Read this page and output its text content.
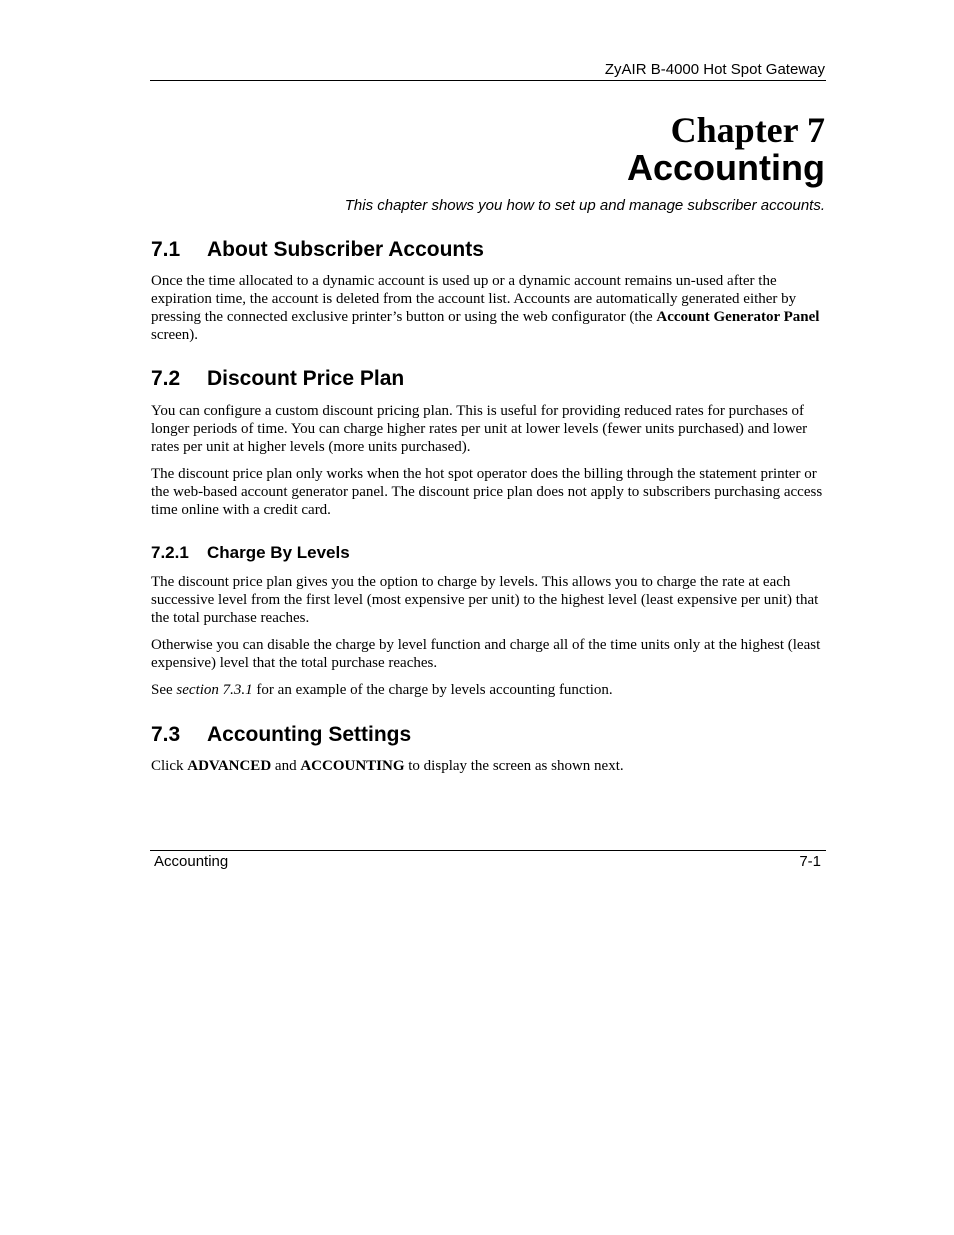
ZyAIR B-4000 Hot Spot Gateway
Chapter 7
Accounting
This chapter shows you how to set up and manage subscriber accounts.
7.1 About Subscriber Accounts

Once the time allocated to a dynamic account is used up or a dynamic account remains un-used after the expiration time, the account is deleted from the account list. Accounts are automatically generated either by pressing the connected exclusive printer’s button or using the web configurator (the Account Generator Panel screen).

7.2 Discount Price Plan

You can configure a custom discount pricing plan. This is useful for providing reduced rates for purchases of longer periods of time. You can charge higher rates per unit at lower levels (fewer units purchased) and lower rates per unit at higher levels (more units purchased).

The discount price plan only works when the hot spot operator does the billing through the statement printer or the web-based account generator panel. The discount price plan does not apply to subscribers purchasing access time online with a credit card.

7.2.1 Charge By Levels

The discount price plan gives you the option to charge by levels. This allows you to charge the rate at each successive level from the first level (most expensive per unit) to the highest level (least expensive per unit) that the total purchase reaches.

Otherwise you can disable the charge by level function and charge all of the time units only at the highest (least expensive) level that the total purchase reaches.

See section 7.3.1 for an example of the charge by levels accounting function.

7.3 Accounting Settings

Click ADVANCED and ACCOUNTING to display the screen as shown next.

Accounting	7-1
